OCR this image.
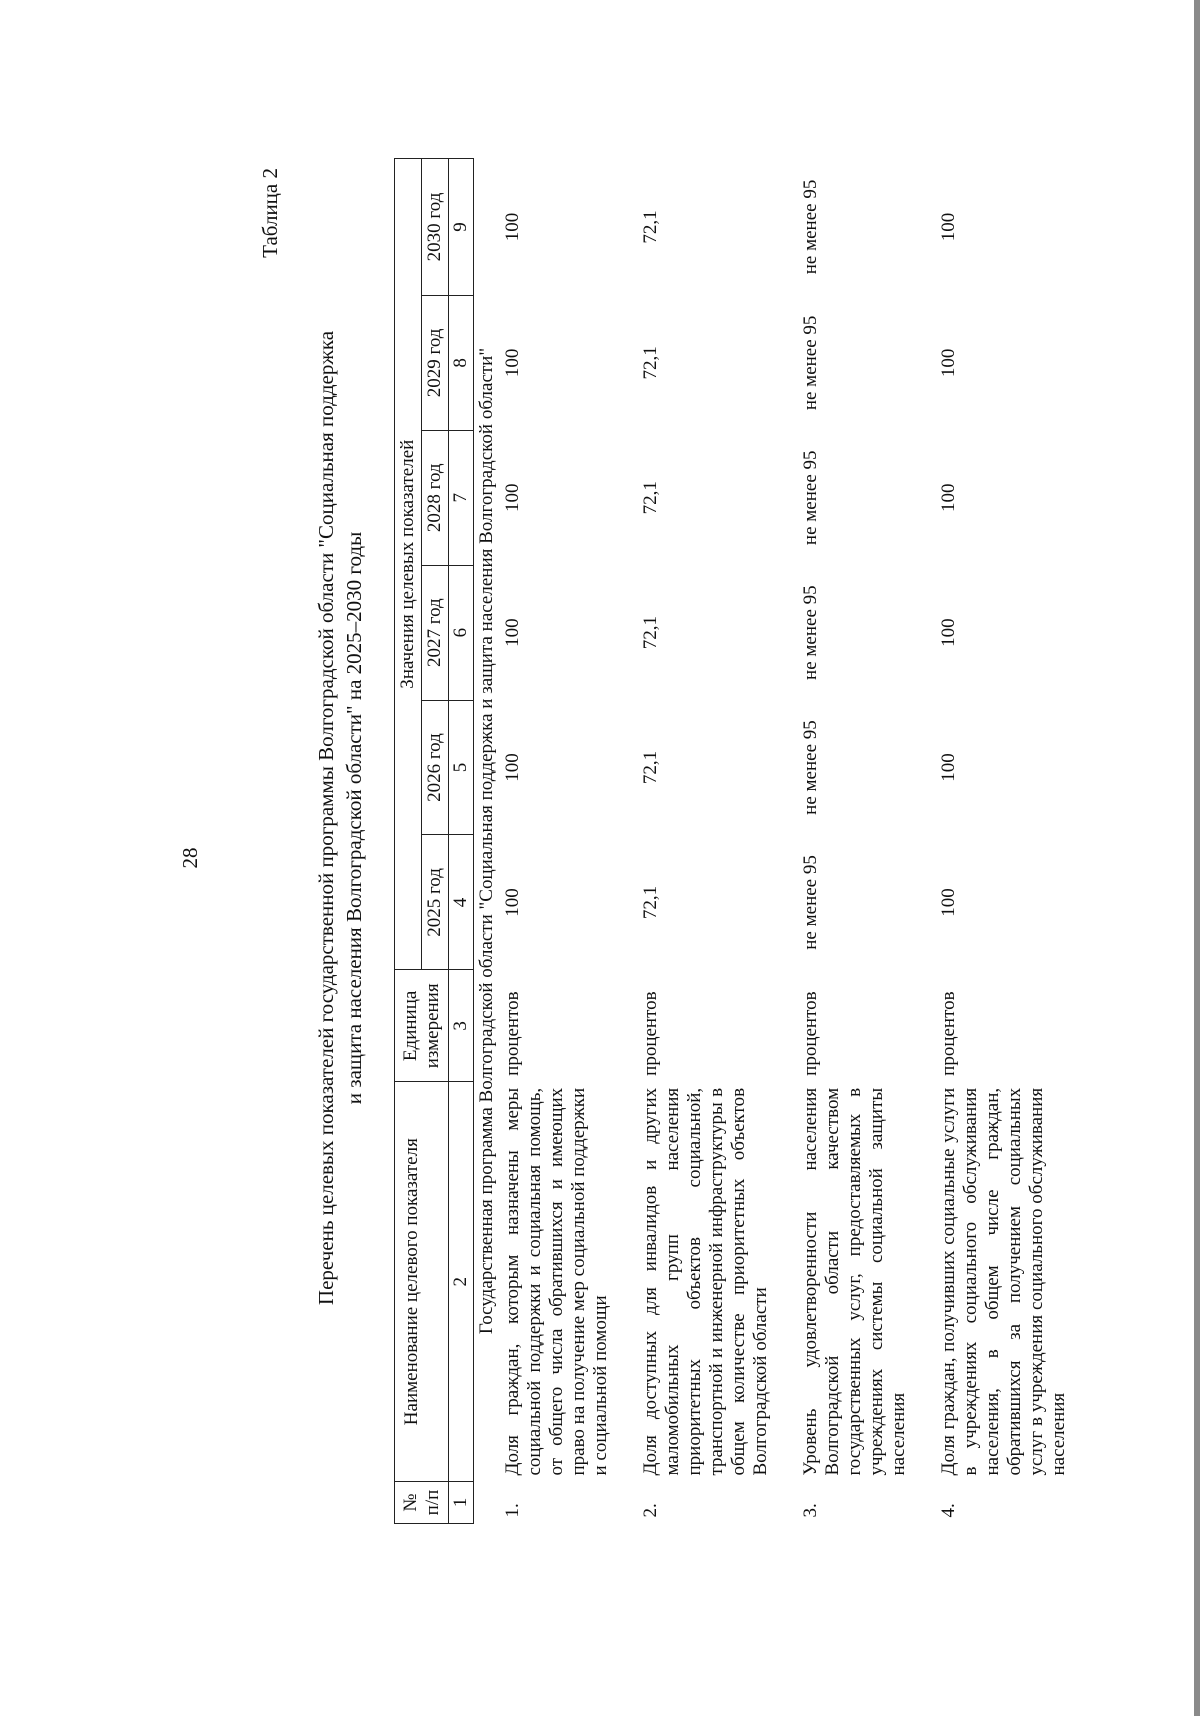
28
Таблица 2
Перечень целевых показателей государственной программы Волгоградской области "Социальная поддержка и защита населения Волгоградской области" на 2025–2030 годы
№ п/п	Наименование целевого показателя	Единица измерения	Значения целевых показателей					
			2025 год	2026 год	2027 год	2028 год	2029 год	2030 год
1	2	3	4	5	6	7	8	9
Государственная программа Волгоградской области "Социальная поддержка и защита населения Волгоградской области"								
1.	Доля граждан, которым назначены меры социальной поддержки и социальная помощь, от общего числа обратившихся и имеющих право на получение мер социальной поддержки и социальной помощи	процентов	100	100	100	100	100	100
2.	Доля доступных для инвалидов и других маломобильных групп населения приоритетных объектов социальной, транспортной и инженерной инфраструктуры в общем количестве приоритетных объектов Волгоградской области	процентов	72,1	72,1	72,1	72,1	72,1	72,1
3.	Уровень удовлетворенности населения Волгоградской области качеством государственных услуг, предоставляемых в учреждениях системы социальной защиты населения	процентов	не менее 95	не менее 95	не менее 95	не менее 95	не менее 95	не менее 95
4.	Доля граждан, получивших социальные услуги в учреждениях социального обслуживания населения, в общем числе граждан, обратившихся за получением социальных услуг в учреждения социального обслуживания населения	процентов	100	100	100	100	100	100
